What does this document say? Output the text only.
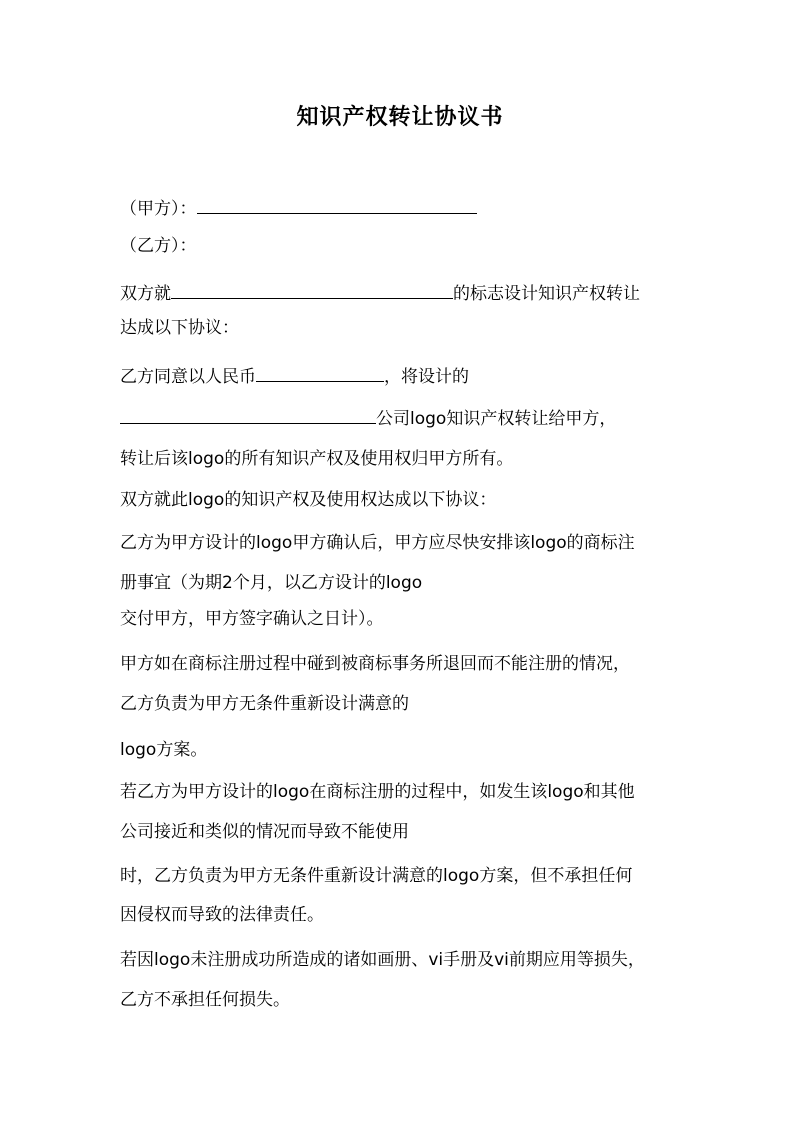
知识产权转让协议书
（甲方）：
（乙方）：
双方就	的标志设计知识产权转让
达成以下协议：
乙方同意以人民币	，将设计的
公司logo知识产权转让给甲方，
转让后该logo的所有知识产权及使用权归甲方所有。
双方就此logo的知识产权及使用权达成以下协议：
乙方为甲方设计的logo甲方确认后，甲方应尽快安排该logo的商标注
册事宜（为期2个月，以乙方设计的logo
交付甲方，甲方签字确认之日计）。
甲方如在商标注册过程中碰到被商标事务所退回而不能注册的情况，
乙方负责为甲方无条件重新设计满意的
logo方案。
若乙方为甲方设计的logo在商标注册的过程中，如发生该logo和其他
公司接近和类似的情况而导致不能使用
时，乙方负责为甲方无条件重新设计满意的logo方案，但不承担任何
因侵权而导致的法律责任。
若因logo未注册成功所造成的诸如画册、vi手册及vi前期应用等损失，
乙方不承担任何损失。
